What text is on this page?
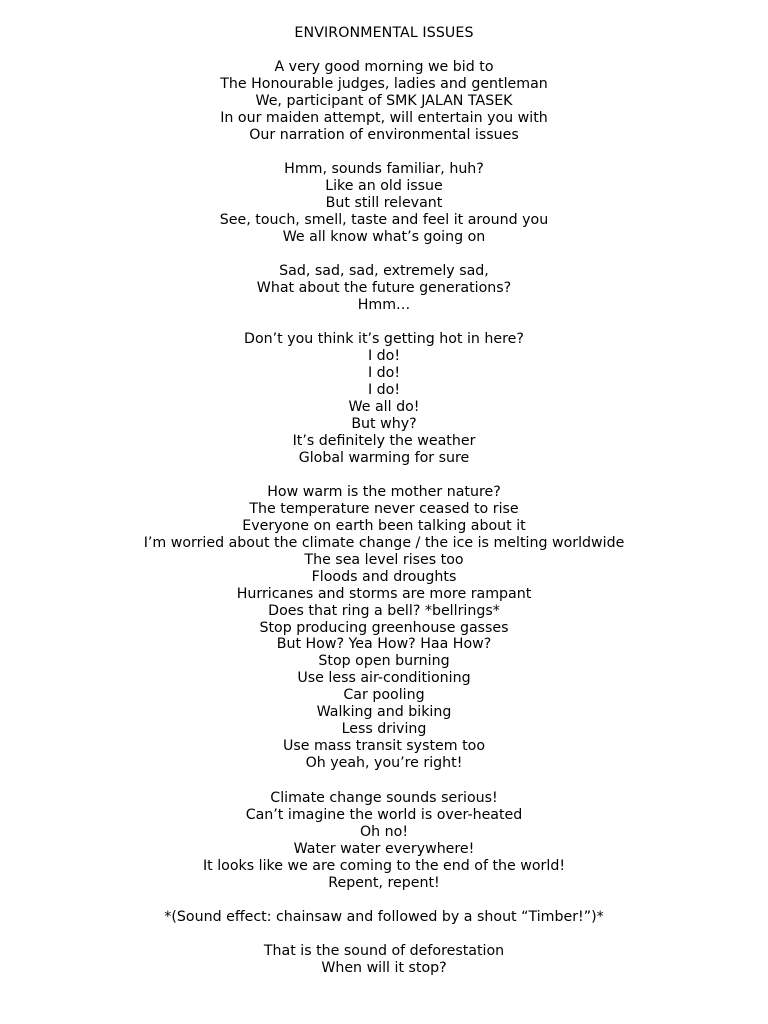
ENVIRONMENTAL ISSUES
A very good morning we bid to
The Honourable judges, ladies and gentleman
We, participant of SMK JALAN TASEK
In our maiden attempt, will entertain you with
Our narration of environmental issues
Hmm, sounds familiar, huh?
Like an old issue
But still relevant
See, touch, smell, taste and feel it around you
We all know what’s going on
Sad, sad, sad, extremely sad,
What about the future generations?
Hmm…
Don’t you think it’s getting hot in here?
I do!
I do!
I do!
We all do!
But why?
It’s definitely the weather
Global warming for sure
How warm is the mother nature?
The temperature never ceased to rise
Everyone on earth been talking about it
I’m worried about the climate change / the ice is melting worldwide
The sea level rises too
Floods and droughts
Hurricanes and storms are more rampant
Does that ring a bell? *bellrings*
Stop producing greenhouse gasses
But How? Yea How? Haa How?
Stop open burning
Use less air-conditioning
Car pooling
Walking and biking
Less driving
Use mass transit system too
Oh yeah, you’re right!
Climate change sounds serious!
Can’t imagine the world is over-heated
Oh no!
Water water everywhere!
It looks like we are coming to the end of the world!
Repent, repent!
*(Sound effect: chainsaw and followed by a shout “Timber!”)*
That is the sound of deforestation
When will it stop?
